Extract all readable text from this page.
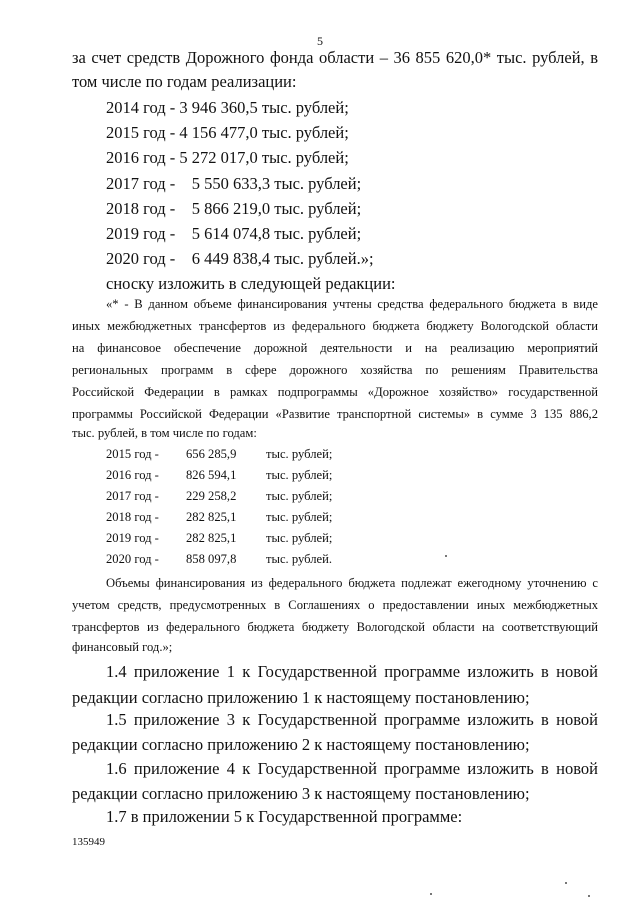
5
за счет средств Дорожного фонда области – 36 855 620,0* тыс. рублей, в
том числе по годам реализации:
2014 год - 3 946 360,5 тыс. рублей;
2015 год - 4 156 477,0 тыс. рублей;
2016 год - 5 272 017,0 тыс. рублей;
2017 год -    5 550 633,3 тыс. рублей;
2018 год -    5 866 219,0 тыс. рублей;
2019 год -    5 614 074,8 тыс. рублей;
2020 год -    6 449 838,4 тыс. рублей.»;
сноску изложить в следующей редакции:
«* - В данном объеме финансирования учтены средства федерального бюджета в виде
иных межбюджетных трансфертов из федерального бюджета бюджету Вологодской области
на финансовое обеспечение дорожной деятельности и на реализацию мероприятий
региональных программ в сфере дорожного хозяйства по решениям Правительства
Российской Федерации в рамках подпрограммы «Дорожное хозяйство» государственной
программы Российской Федерации «Развитие транспортной системы» в сумме 3 135 886,2
тыс. рублей, в том числе по годам:
2015 год - 656 285,9 тыс. рублей;
2016 год - 826 594,1 тыс. рублей;
2017 год - 229 258,2 тыс. рублей;
2018 год - 282 825,1 тыс. рублей;
2019 год - 282 825,1 тыс. рублей;
2020 год - 858 097,8 тыс. рублей.
Объемы финансирования из федерального бюджета подлежат ежегодному уточнению с
учетом средств, предусмотренных в Соглашениях о предоставлении иных межбюджетных
трансфертов из федерального бюджета бюджету Вологодской области на соответствующий
финансовый год.»;
1.4 приложение 1 к Государственной программе изложить в новой
редакции согласно приложению 1 к настоящему постановлению;
1.5 приложение 3 к Государственной программе изложить в новой
редакции согласно приложению 2 к настоящему постановлению;
1.6 приложение 4 к Государственной программе изложить в новой
редакции согласно приложению 3 к настоящему постановлению;
1.7 в приложении 5 к Государственной программе:
135949
